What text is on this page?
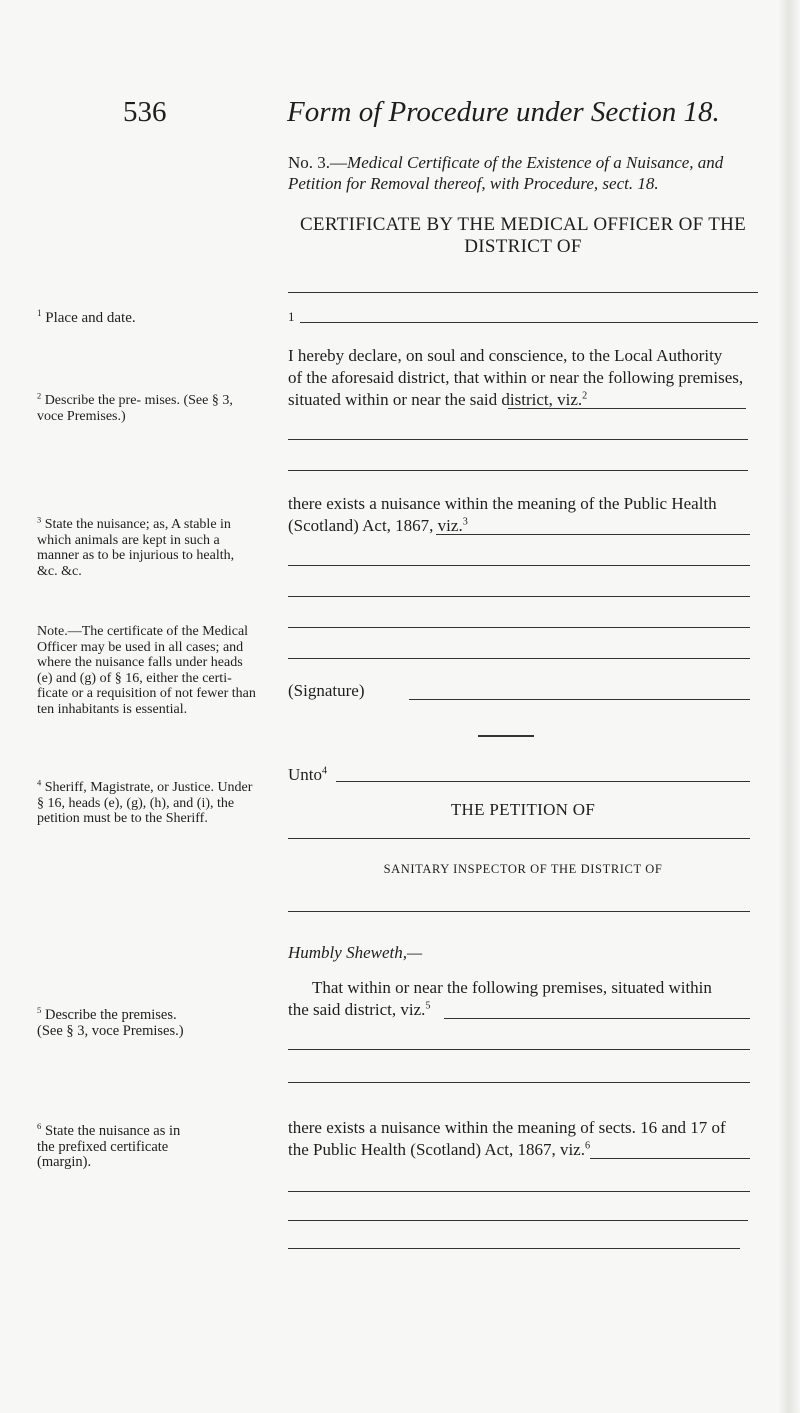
536	Form of Procedure under Section 18.
No. 3.—Medical Certificate of the Existence of a Nuisance, and Petition for Removal thereof, with Procedure, sect. 18.
CERTIFICATE BY THE MEDICAL OFFICER OF THE
DISTRICT OF
1
I hereby declare, on soul and conscience, to the Local Authority
of the aforesaid district, that within or near the following premises,
situated within or near the said district, viz.$^2$
there exists a nuisance within the meaning of the Public Health
(Scotland) Act, 1867, viz.$^3$
(Signature)
Unto$^4$
THE PETITION OF
SANITARY INSPECTOR OF THE DISTRICT OF
Humbly Sheweth,—
That within or near the following premises, situated within
the said district, viz.$^5$
there exists a nuisance within the meaning of sects. 16 and 17 of
the Public Health (Scotland) Act, 1867, viz.$^6$
$^1$ Place and date.
$^2$ Describe the pre- mises. (See § 3, voce Premises.)
$^3$ State the nuisance; as, A stable in which animals are kept in such a manner as to be injurious to health, &c. &c.
Note.—The certificate of the Medical Officer may be used in all cases; and where the nuisance falls under heads (e) and (g) of § 16, either the certi- ficate or a requisition of not fewer than ten inhabitants is essential.
$^4$ Sheriff, Magistrate, or Justice. Under § 16, heads (e), (g), (h), and (i), the petition must be to the Sheriff.
$^5$ Describe the premises. (See § 3, voce Premises.)
$^6$ State the nuisance as in the prefixed certificate (margin).
